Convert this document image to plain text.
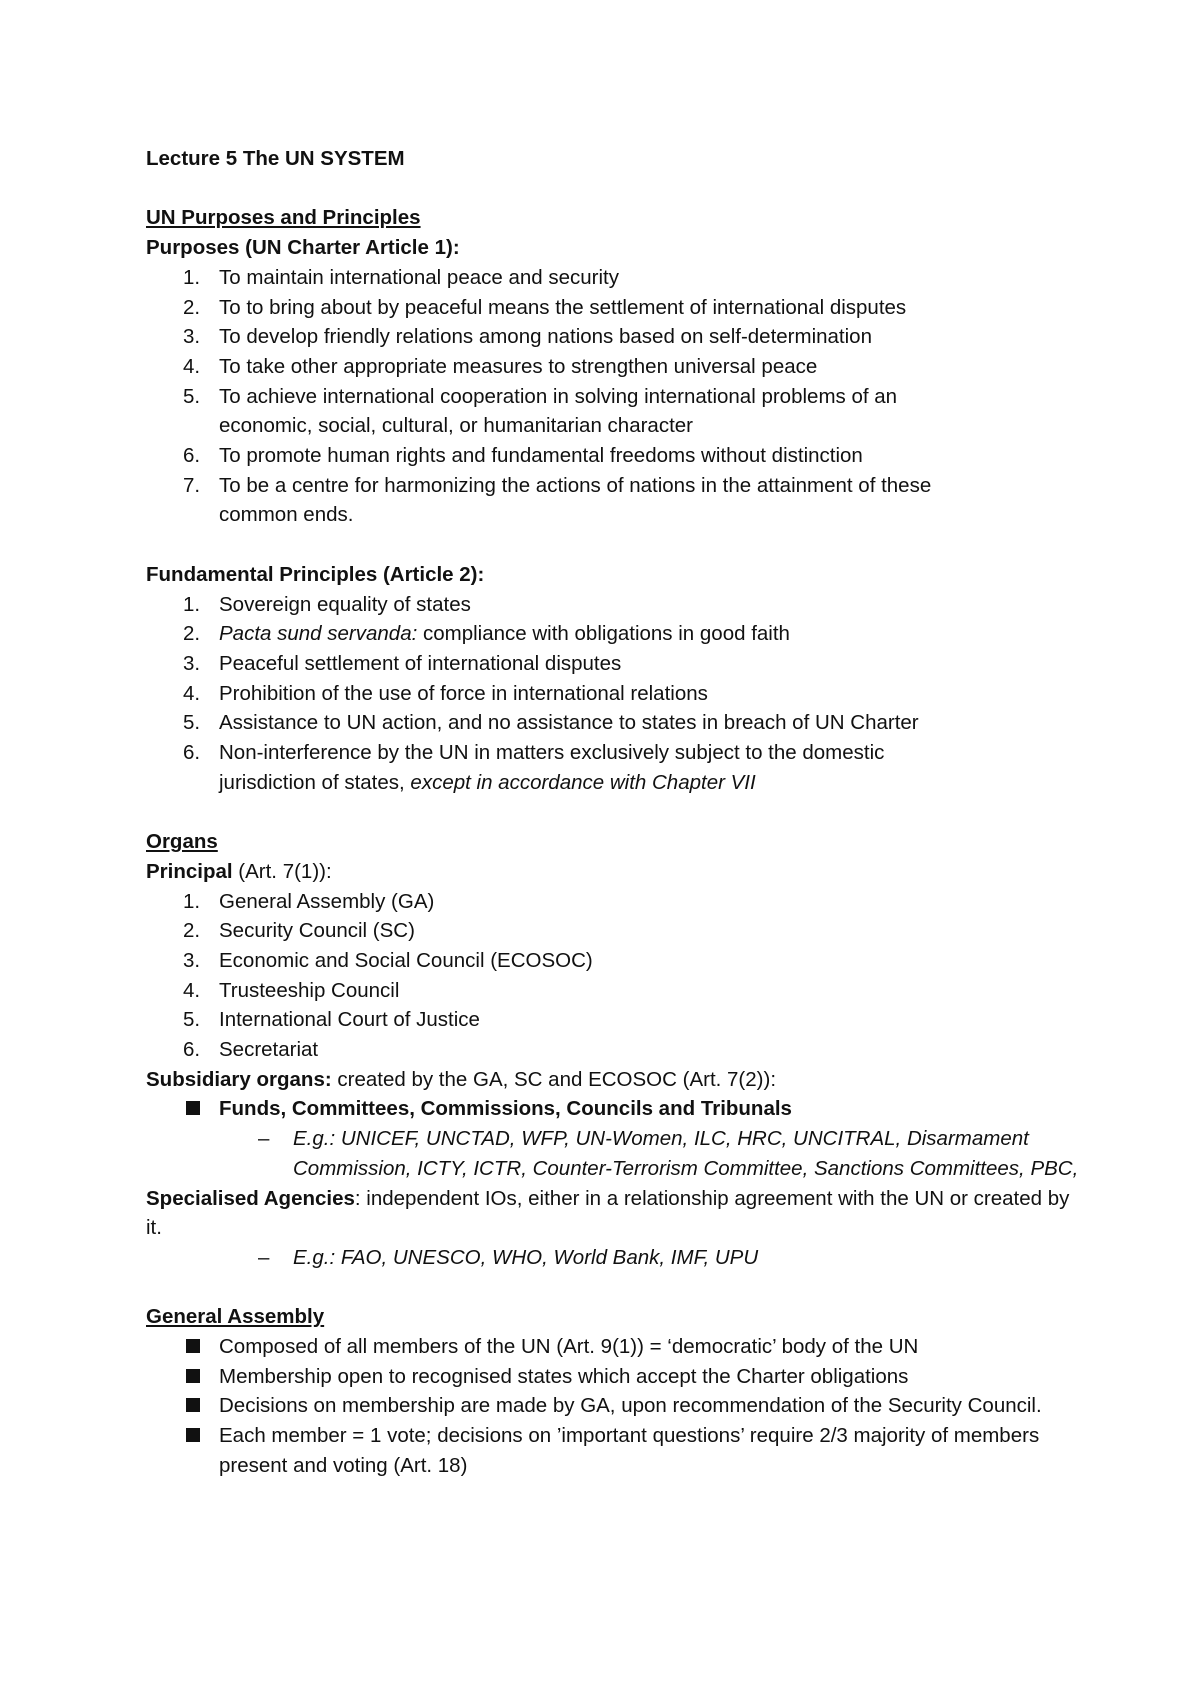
Lecture 5 The UN SYSTEM
UN Purposes and Principles
Purposes (UN Charter Article 1):
1. To maintain international peace and security
2. To to bring about by peaceful means the settlement of international disputes
3. To develop friendly relations among nations based on self-determination
4. To take other appropriate measures to strengthen universal peace
5. To achieve international cooperation in solving international problems of an
economic, social, cultural, or humanitarian character
6. To promote human rights and fundamental freedoms without distinction
7. To be a centre for harmonizing the actions of nations in the attainment of these
common ends.
Fundamental Principles (Article 2):
1. Sovereign equality of states
2. Pacta sund servanda: compliance with obligations in good faith
3. Peaceful settlement of international disputes
4. Prohibition of the use of force in international relations
5. Assistance to UN action, and no assistance to states in breach of UN Charter
6. Non-interference by the UN in matters exclusively subject to the domestic
jurisdiction of states, except in accordance with Chapter VII
Organs
Principal (Art. 7(1)):
1. General Assembly (GA)
2. Security Council (SC)
3. Economic and Social Council (ECOSOC)
4. Trusteeship Council
5. International Court of Justice
6. Secretariat
Subsidiary organs: created by the GA, SC and ECOSOC (Art. 7(2)):
Funds, Committees, Commissions, Councils and Tribunals
– E.g.: UNICEF, UNCTAD, WFP, UN-Women, ILC, HRC, UNCITRAL, Disarmament Commission, ICTY, ICTR, Counter-Terrorism Committee, Sanctions Committees, PBC,
Specialised Agencies: independent IOs, either in a relationship agreement with the UN or created by it.
– E.g.: FAO, UNESCO, WHO, World Bank, IMF, UPU
General Assembly
Composed of all members of the UN (Art. 9(1)) = ‘democratic’ body of the UN
Membership open to recognised states which accept the Charter obligations
Decisions on membership are made by GA, upon recommendation of the Security Council.
Each member = 1 vote; decisions on ’important questions’ require 2/3 majority of members present and voting (Art. 18)
